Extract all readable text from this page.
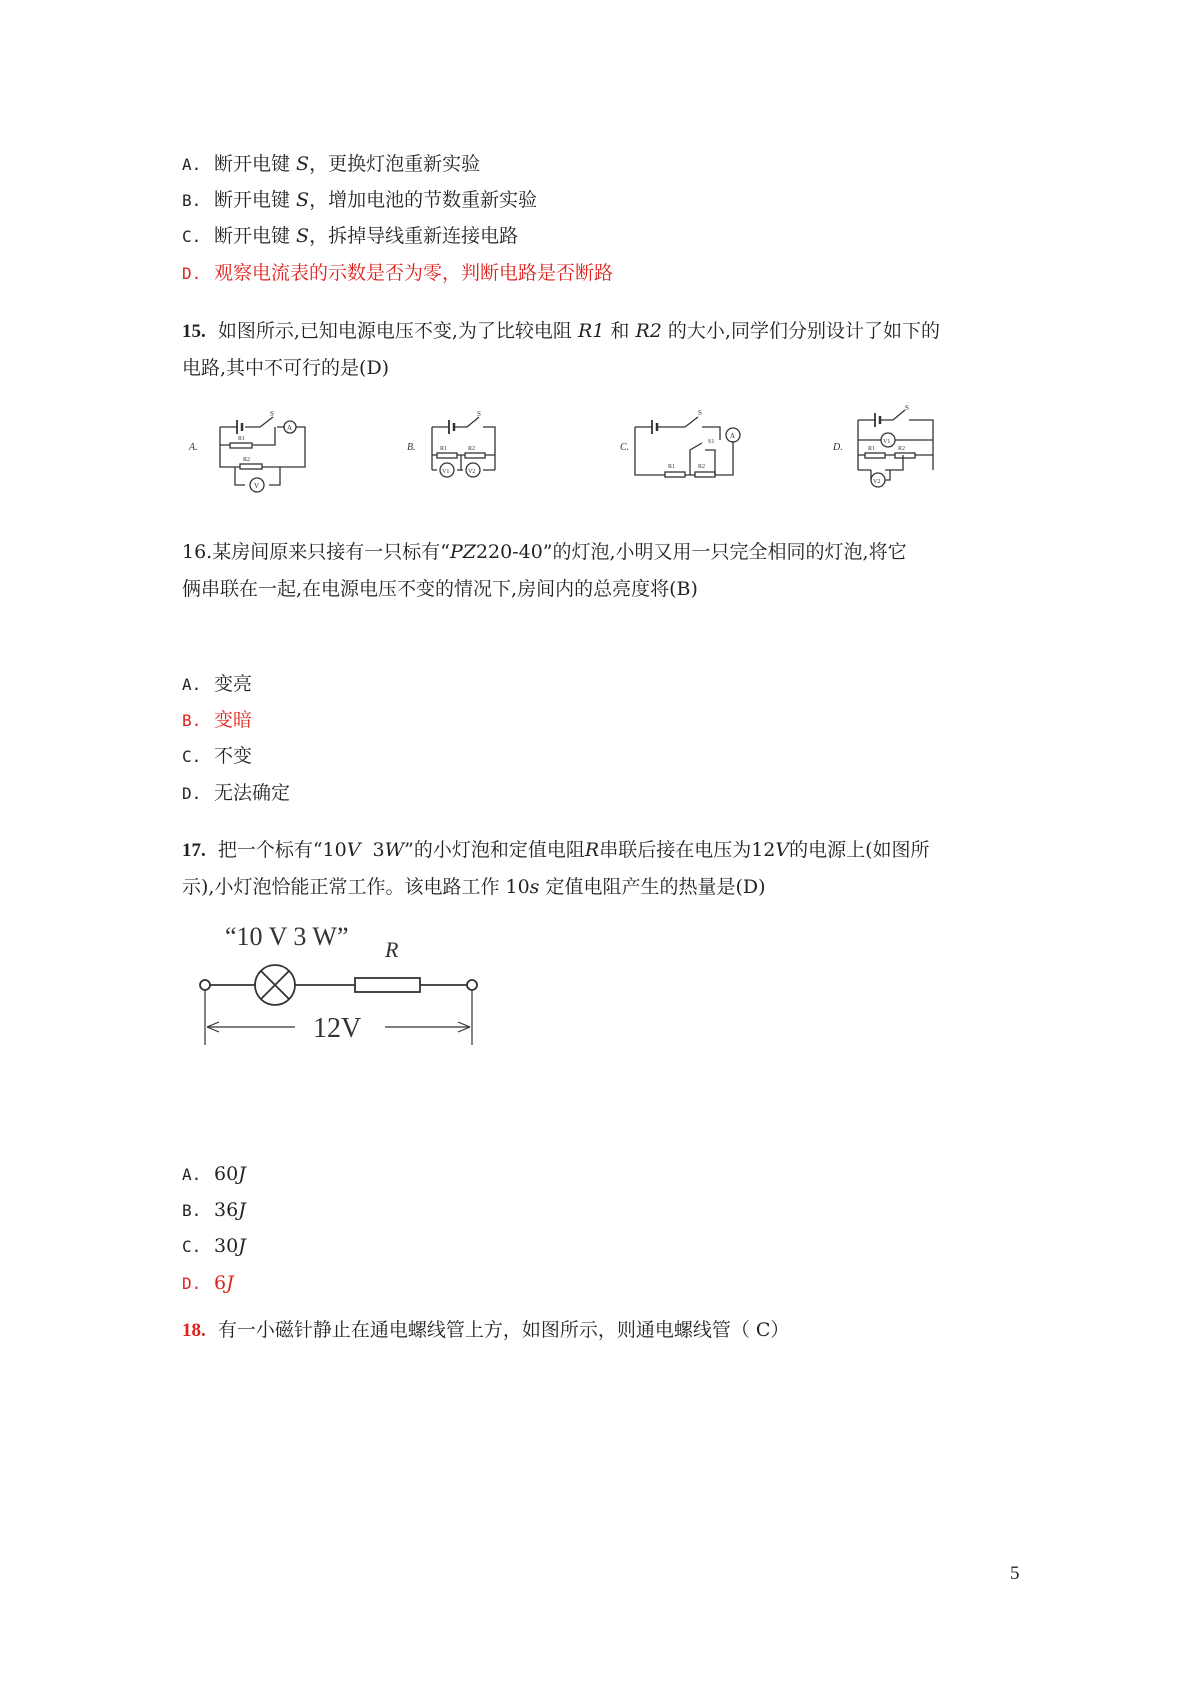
A. 断开电键 S，更换灯泡重新实验
B. 断开电键 S，增加电池的节数重新实验
C. 断开电键 S，拆掉导线重新连接电路
D. 观察电流表的示数是否为零，判断电路是否断路
15. 如图所示,已知电源电压不变,为了比较电阻 R1 和 R2 的大小,同学们分别设计了如下的
电路,其中不可行的是(D)
A.
S
A
R1
R2
V
B.
S
R1	R2
V1	V2
C.
S
R1	R2
A
S1	D.
S
V1
R1	R2
V2
16.某房间原来只接有一只标有“PZ220-40”的灯泡,小明又用一只完全相同的灯泡,将它
俩串联在一起,在电源电压不变的情况下,房间内的总亮度将(B)
A. 变亮
B. 变暗
C. 不变
D. 无法确定
17. 把一个标有“10V  3W”的小灯泡和定值电阻R串联后接在电压为12V的电源上(如图所
示),小灯泡恰能正常工作。该电路工作 10s 定值电阻产生的热量是(D)
“10 V 3 W” R
12V
A. 60J
B. 36J
C. 30J
D. 6J
18. 有一小磁针静止在通电螺线管上方，如图所示，则通电螺线管（ C）
5
